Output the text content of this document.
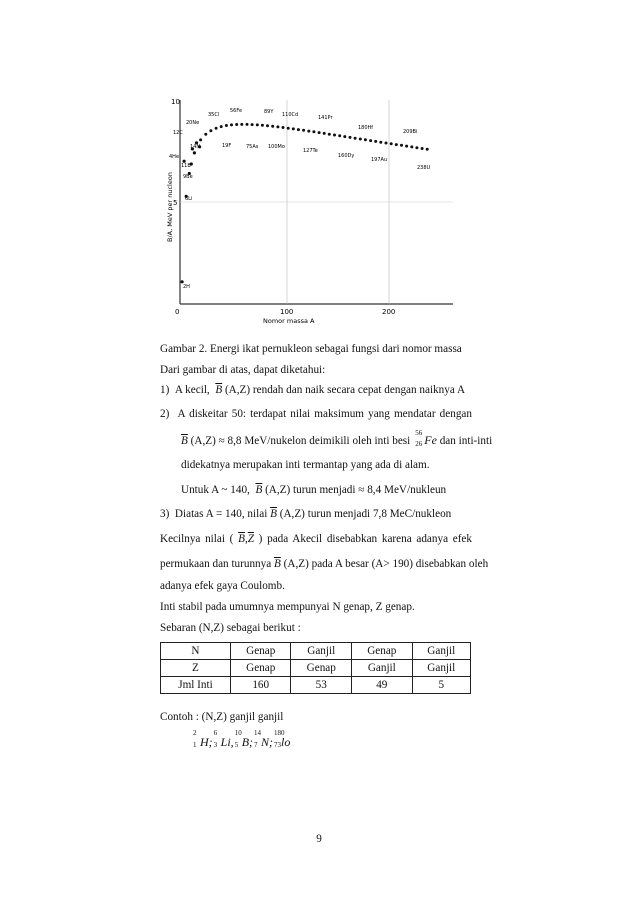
10
5
0	100	200
Nomor massa A
B/A, MeV per nucleon
20Ne
35Cl
56Fe	89Y 110Cd	141Pr
180Hf
209Bi
12C
14N	19F	75As 100Mo
127Te
160Dy
197Au
238U
4He
11B
9Be
6Li
2H
Gambar 2. Energi ikat pernukleon sebagai fungsi dari nomor massa
Dari gambar di atas, dapat diketahui:
1) A kecil, $\overline{B}$ (A,Z) rendah dan naik secara cepat dengan naiknya A
2) A diskeitar 50: terdapat nilai maksimum yang mendatar dengan
$\overline{B}$ (A,Z) ≈ 8,8 MeV/nukelon deimikili oleh inti besi
56
26 Fe dan inti-inti
didekatnya merupakan inti termantap yang ada di alam.
Untuk A ~ 140, $\overline{B}$ (A,Z) turun menjadi ≈ 8,4 MeV/nukleun
3) Diatas A = 140, nilai $\overline{B}$ (A,Z) turun menjadi 7,8 MeC/nukleon
Kecilnya nilai ( $\overline{B},\overline{Z}$ ) pada Akecil disebabkan karena adanya efek
permukaan dan turunnya $\overline{B}$ (A,Z) pada A besar (A> 190) disebabkan oleh
adanya efek gaya Coulomb.
Inti stabil pada umumnya mempunyai N genap, Z genap.
Sebaran (N,Z) sebagai berikut :
N	Genap	Ganjil	Genap	Ganjil
Z	Genap	Genap	Ganjil	Ganjil
Jml Inti	160	53	49	5
Contoh : (N,Z) ganjil ganjil
2
1 H;
6
3 Li,
10
5 B;
14
7 N;
180
73 lo
9
